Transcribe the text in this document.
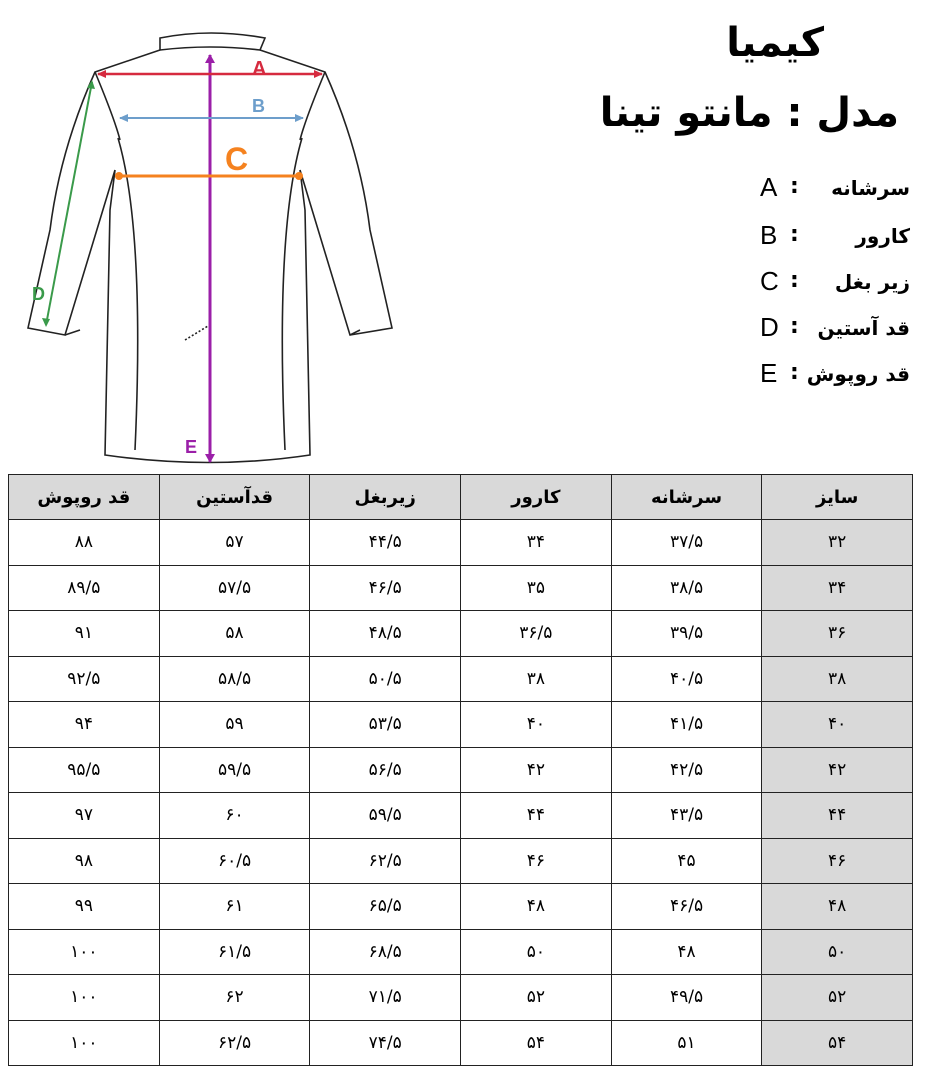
A
B
C
D
E
کیمیا
مدل : مانتو تینا
A : سرشانه
B :	کارور
C : زیر بغل
D : قد آستین
E : قد روپوش
سایز	سرشانه	کارور	زیربغل	قدآستین	قد روپوش
۳۲	۳۷/۵	۳۴	۴۴/۵	۵۷	۸۸
۳۴	۳۸/۵	۳۵	۴۶/۵	۵۷/۵	۸۹/۵
۳۶	۳۹/۵	۳۶/۵	۴۸/۵	۵۸	۹۱
۳۸	۴۰/۵	۳۸	۵۰/۵	۵۸/۵	۹۲/۵
۴۰	۴۱/۵	۴۰	۵۳/۵	۵۹	۹۴
۴۲	۴۲/۵	۴۲	۵۶/۵	۵۹/۵	۹۵/۵
۴۴	۴۳/۵	۴۴	۵۹/۵	۶۰	۹۷
۴۶	۴۵	۴۶	۶۲/۵	۶۰/۵	۹۸
۴۸	۴۶/۵	۴۸	۶۵/۵	۶۱	۹۹
۵۰	۴۸	۵۰	۶۸/۵	۶۱/۵	۱۰۰
۵۲	۴۹/۵	۵۲	۷۱/۵	۶۲	۱۰۰
۵۴	۵۱	۵۴	۷۴/۵	۶۲/۵	۱۰۰
